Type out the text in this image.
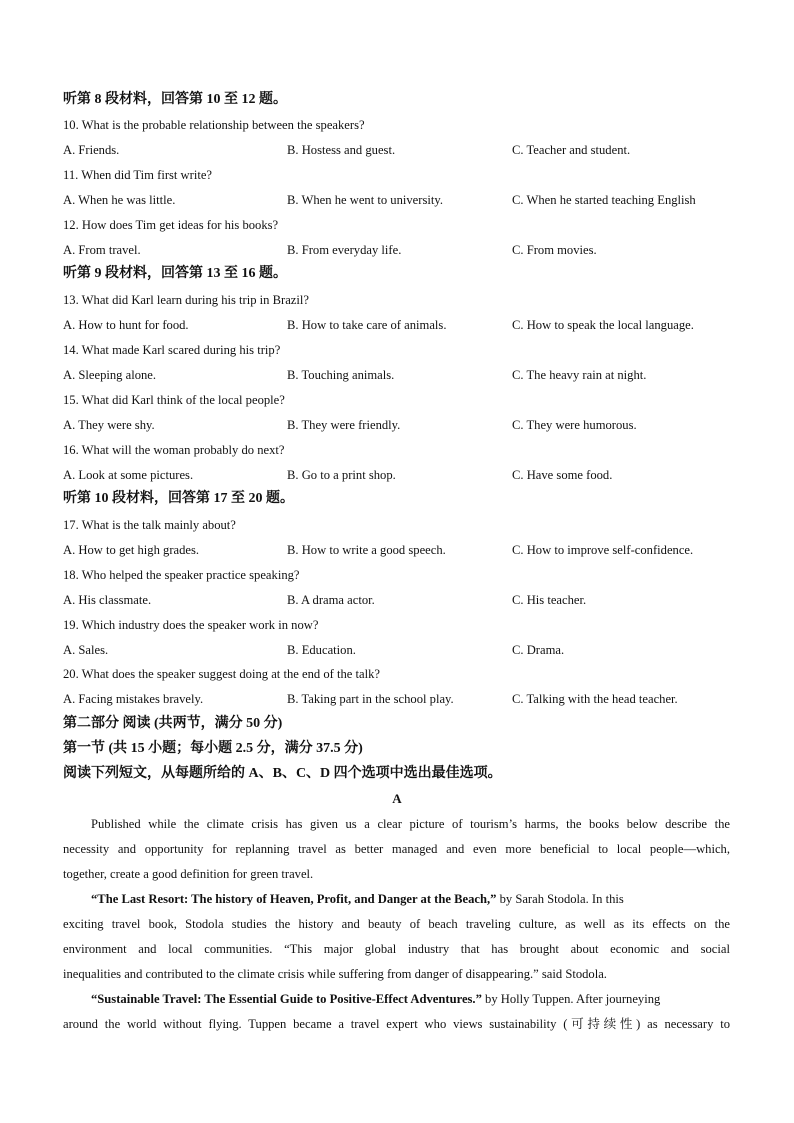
听第 8 段材料，回答第 10 至 12 题。
10. What is the probable relationship between the speakers?
A. Friends.	B. Hostess and guest.	C. Teacher and student.
11. When did Tim first write?
A. When he was little.	B. When he went to university.	C. When he started teaching English
12. How does Tim get ideas for his books?
A. From travel.	B. From everyday life.	C. From movies.
听第 9 段材料，回答第 13 至 16 题。
13. What did Karl learn during his trip in Brazil?
A. How to hunt for food.	B. How to take care of animals.	C. How to speak the local language.
14. What made Karl scared during his trip?
A. Sleeping alone.	B. Touching animals.	C. The heavy rain at night.
15. What did Karl think of the local people?
A. They were shy.	B. They were friendly.	C. They were humorous.
16. What will the woman probably do next?
A. Look at some pictures.	B. Go to a print shop.	C. Have some food.
听第 10 段材料，回答第 17 至 20 题。
17. What is the talk mainly about?
A. How to get high grades.	B. How to write a good speech.	C. How to improve self-confidence.
18. Who helped the speaker practice speaking?
A. His classmate.	B. A drama actor.	C. His teacher.
19. Which industry does the speaker work in now?
A. Sales.	B. Education.	C. Drama.
20. What does the speaker suggest doing at the end of the talk?
A. Facing mistakes bravely.	B. Taking part in the school play.	C. Talking with the head teacher.
第二部分 阅读 (共两节，满分 50 分)
第一节 (共 15 小题；每小题 2.5 分，满分 37.5 分)
阅读下列短文，从每题所给的 A、B、C、D 四个选项中选出最佳选项。
A
Published while the climate crisis has given us a clear picture of tourism’s harms, the books below describe the
necessity and opportunity for replanning travel as better managed and even more beneficial to local people—which,
together, create a good definition for green travel.
“The Last Resort: The history of Heaven, Profit, and Danger at the Beach,” by Sarah Stodola. In this
exciting travel book, Stodola studies the history and beauty of beach traveling culture, as well as its effects on the
environment and local communities. “This major global industry that has brought about economic and social
inequalities and contributed to the climate crisis while suffering from danger of disappearing.” said Stodola.
“Sustainable Travel: The Essential Guide to Positive-Effect Adventures.” by Holly Tuppen. After journeying
around the world without flying. Tuppen became a travel expert who views sustainability (可持续性) as necessary to
